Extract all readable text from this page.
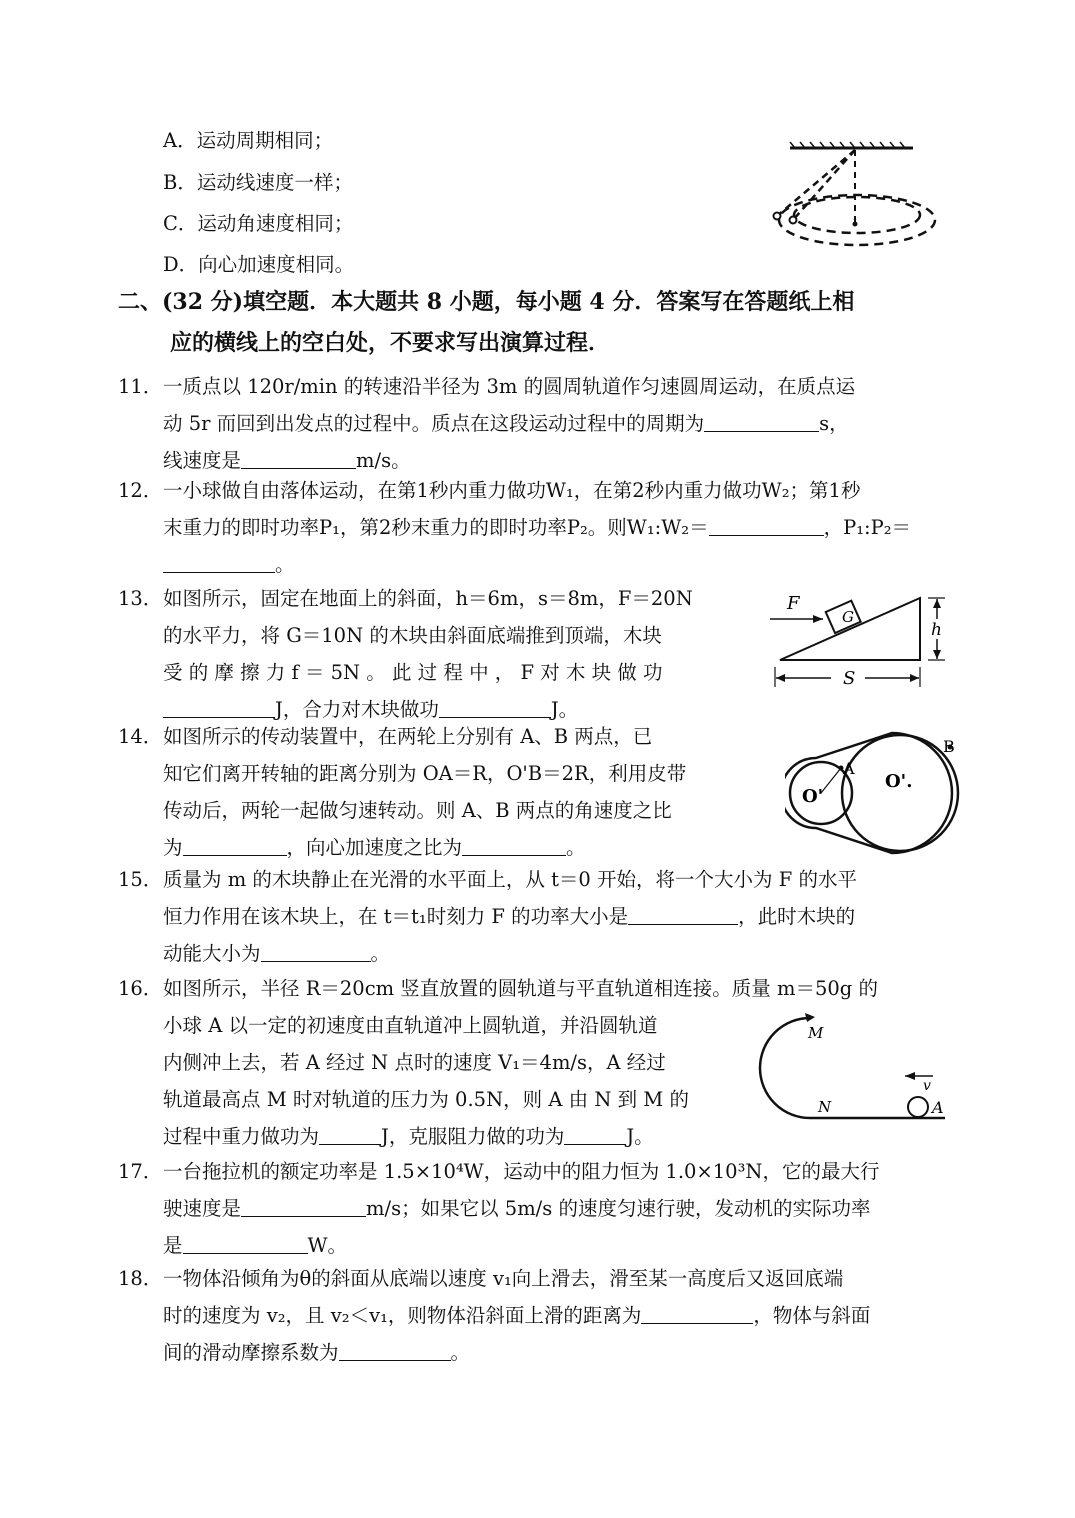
A．运动周期相同；
B．运动线速度一样；
C．运动角速度相同；
D．向心加速度相同。
二、(32 分)填空题．本大题共 8 小题，每小题 4 分．答案写在答题纸上相
应的横线上的空白处，不要求写出演算过程．
11． 一质点以 120r/min 的转速沿半径为 3m 的圆周轨道作匀速圆周运动，在质点运
动 5r 而回到出发点的过程中。质点在这段运动过程中的周期为	s，
线速度是	m/s。
12． 一小球做自由落体运动，在第1秒内重力做功W₁，在第2秒内重力做功W₂；第1秒
末重力的即时功率P₁，第2秒末重力的即时功率P₂。则W₁:W₂＝	，P₁:P₂＝
。
13． 如图所示，固定在地面上的斜面，h＝6m，s＝8m，F＝20N
的水平力，将 G＝10N 的木块由斜面底端推到顶端，木块
受 的 摩 擦 力 f ＝ 5N 。 此 过 程 中 ， F 对 木 块 做 功
J，合力对木块做功	J。
G
F
h
S
14． 如图所示的传动装置中，在两轮上分别有 A、B 两点，已
知它们离开转轴的距离分别为 OA＝R，O'B＝2R，利用皮带
传动后，两轮一起做匀速转动。则 A、B 两点的角速度之比
为	，向心加速度之比为	。
A
B
O'
O'.
15． 质量为 m 的木块静止在光滑的水平面上，从 t＝0 开始，将一个大小为 F 的水平
恒力作用在该木块上，在 t＝t₁时刻力 F 的功率大小是	，此时木块的
动能大小为	。
16． 如图所示，半径 R＝20cm 竖直放置的圆轨道与平直轨道相连接。质量 m＝50g 的
小球 A 以一定的初速度由直轨道冲上圆轨道，并沿圆轨道
内侧冲上去，若 A 经过 N 点时的速度 V₁＝4m/s，A 经过
轨道最高点 M 时对轨道的压力为 0.5N，则 A 由 N 到 M 的
过程中重力做功为	J，克服阻力做的功为	J。
M
N	A
v
17． 一台拖拉机的额定功率是 1.5×10⁴W，运动中的阻力恒为 1.0×10³N，它的最大行
驶速度是	m/s；如果它以 5m/s 的速度匀速行驶，发动机的实际功率
是	W。
18． 一物体沿倾角为θ的斜面从底端以速度 v₁向上滑去，滑至某一高度后又返回底端
时的速度为 v₂，且 v₂＜v₁，则物体沿斜面上滑的距离为	，物体与斜面
间的滑动摩擦系数为	。
